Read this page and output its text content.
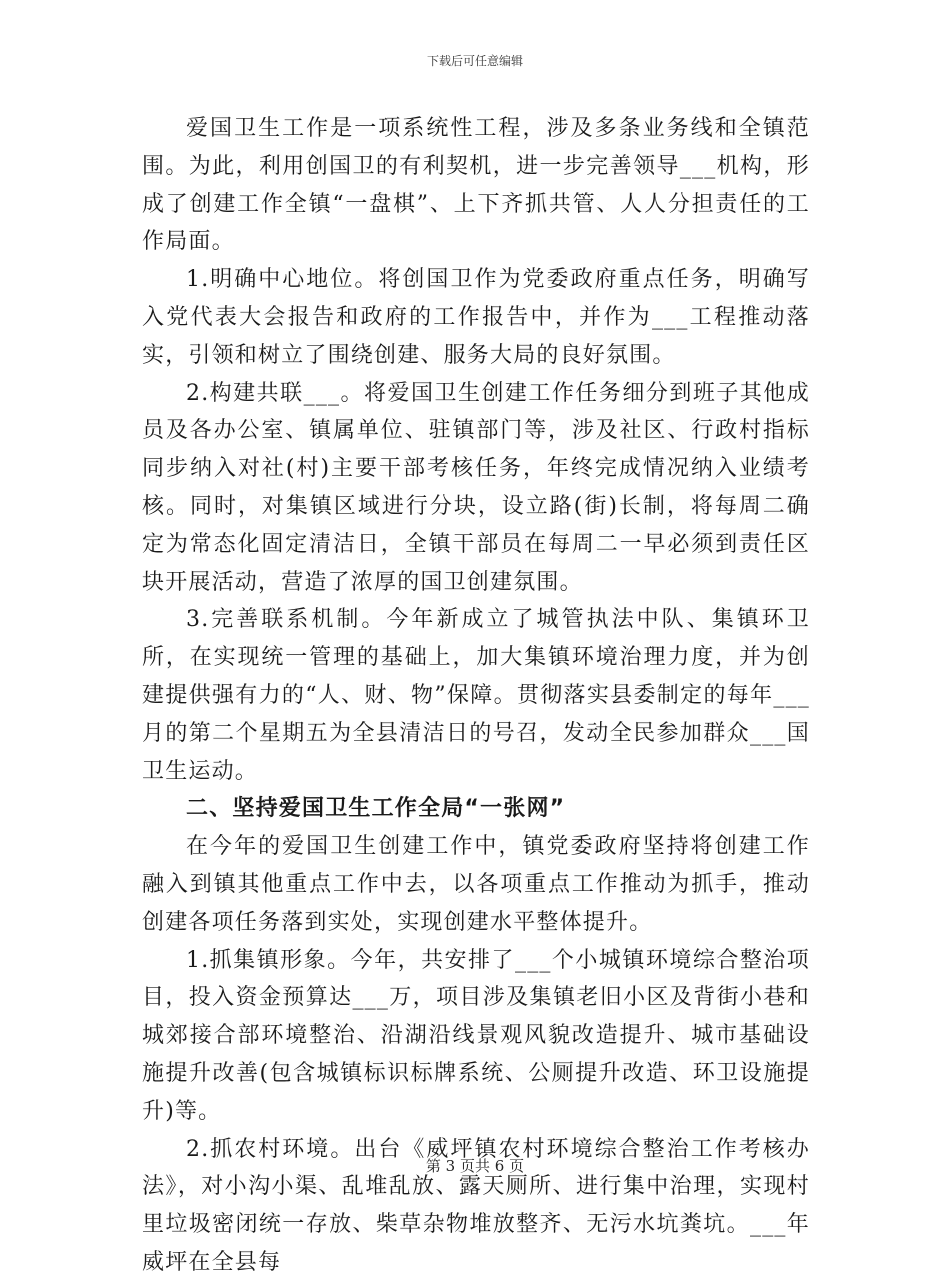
下载后可任意编辑

爱国卫生工作是一项系统性工程，涉及多条业务线和全镇范围。为此，利用创国卫的有利契机，进一步完善领导___机构，形成了创建工作全镇“一盘棋”、上下齐抓共管、人人分担责任的工作局面。

1.明确中心地位。将创国卫作为党委政府重点任务，明确写入党代表大会报告和政府的工作报告中，并作为___工程推动落实，引领和树立了围绕创建、服务大局的良好氛围。

2.构建共联___。将爱国卫生创建工作任务细分到班子其他成员及各办公室、镇属单位、驻镇部门等，涉及社区、行政村指标同步纳入对社(村)主要干部考核任务，年终完成情况纳入业绩考核。同时，对集镇区域进行分块，设立路(街)长制，将每周二确定为常态化固定清洁日，全镇干部员在每周二一早必须到责任区块开展活动，营造了浓厚的国卫创建氛围。

3.完善联系机制。今年新成立了城管执法中队、集镇环卫所，在实现统一管理的基础上，加大集镇环境治理力度，并为创建提供强有力的“人、财、物”保障。贯彻落实县委制定的每年___月的第二个星期五为全县清洁日的号召，发动全民参加群众___国卫生运动。

二、坚持爱国卫生工作全局“一张网”

在今年的爱国卫生创建工作中，镇党委政府坚持将创建工作融入到镇其他重点工作中去，以各项重点工作推动为抓手，推动创建各项任务落到实处，实现创建水平整体提升。

1.抓集镇形象。今年，共安排了___个小城镇环境综合整治项目，投入资金预算达___万，项目涉及集镇老旧小区及背街小巷和城郊接合部环境整治、沿湖沿线景观风貌改造提升、城市基础设施提升改善(包含城镇标识标牌系统、公厕提升改造、环卫设施提升)等。

2.抓农村环境。出台《威坪镇农村环境综合整治工作考核办法》，对小沟小渠、乱堆乱放、露天厕所、进行集中治理，实现村里垃圾密闭统一存放、柴草杂物堆放整齐、无污水坑粪坑。___年威坪在全县每

第 3 页共 6 页
